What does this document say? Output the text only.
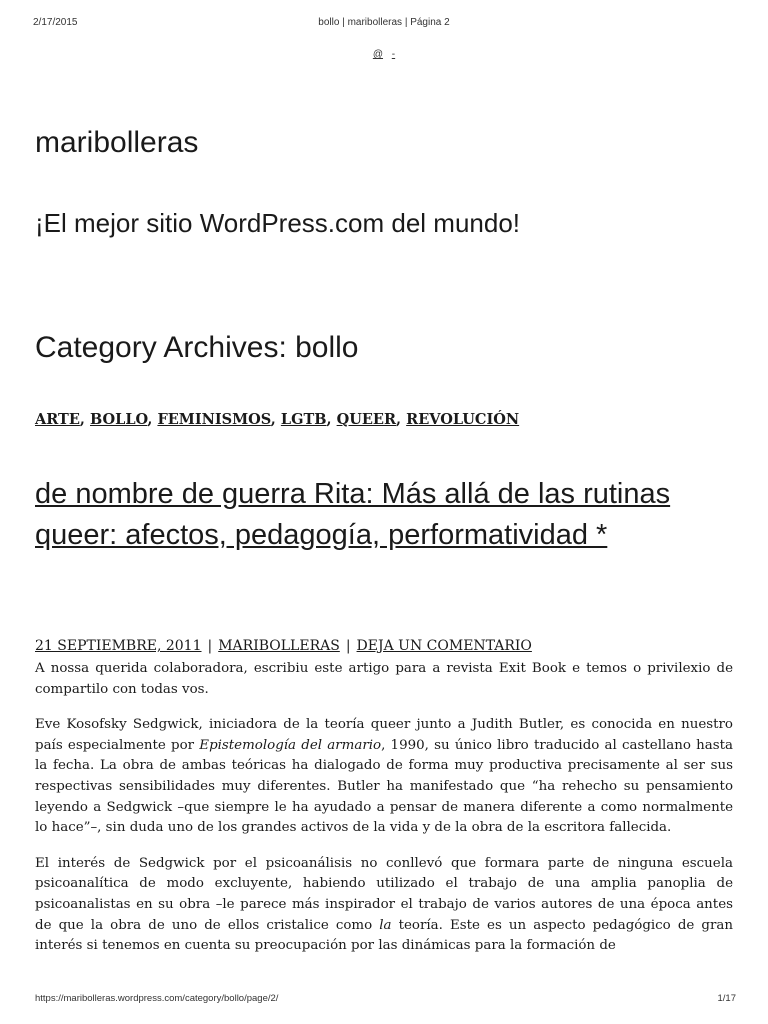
2/17/2015	bollo | maribolleras | Página 2
@ -
maribolleras
¡El mejor sitio WordPress.com del mundo!
Category Archives: bollo
ARTE, BOLLO, FEMINISMOS, LGTB, QUEER, REVOLUCIÓN
de nombre de guerra Rita: Más allá de las rutinas queer: afectos, pedagogía, performatividad *
21 SEPTIEMBRE, 2011 | MARIBOLLERAS | DEJA UN COMENTARIO

A nossa querida colaboradora, escribiu este artigo para a revista Exit Book e temos o privilexio de compartilo con todas vos.

Eve Kosofsky Sedgwick, iniciadora de la teoría queer junto a Judith Butler, es conocida en nuestro país especialmente por Epistemología del armario, 1990, su único libro traducido al castellano hasta la fecha. La obra de ambas teóricas ha dialogado de forma muy productiva precisamente al ser sus respectivas sensibilidades muy diferentes. Butler ha manifestado que “ha rehecho su pensamiento leyendo a Sedgwick –que siempre le ha ayudado a pensar de manera diferente a como normalmente lo hace”–, sin duda uno de los grandes activos de la vida y de la obra de la escritora fallecida.

El interés de Sedgwick por el psicoanálisis no conllevó que formara parte de ninguna escuela psicoanalítica de modo excluyente, habiendo utilizado el trabajo de una amplia panoplia de psicoanalistas en su obra –le parece más inspirador el trabajo de varios autores de una época antes de que la obra de uno de ellos cristalice como la teoría. Este es un aspecto pedagógico de gran interés si tenemos en cuenta su preocupación por las dinámicas para la formación de

https://maribolleras.wordpress.com/category/bollo/page/2/	1/17
